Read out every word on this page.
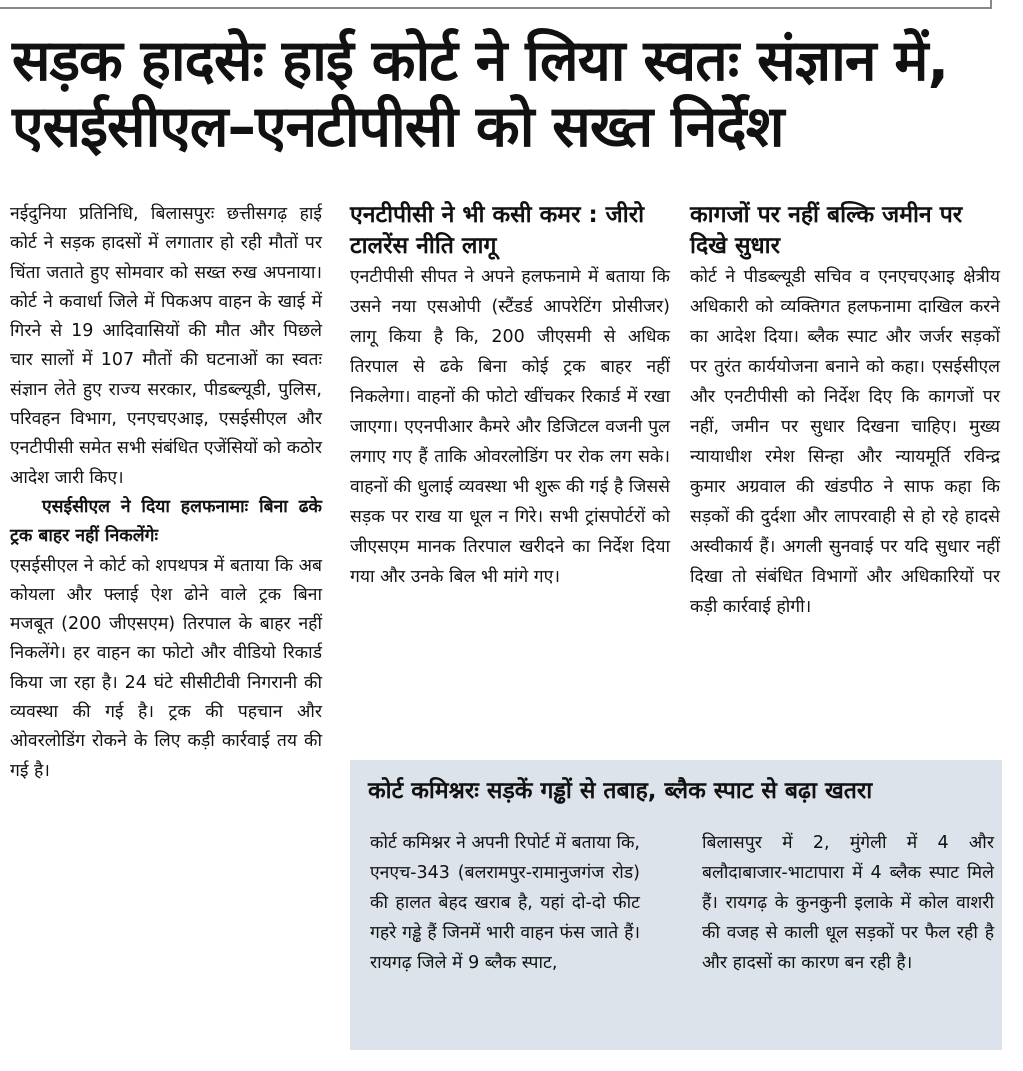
सड़क हादसेः हाई कोर्ट ने लिया स्वतः संज्ञान में, एसईसीएल–एनटीपीसी को सख्त निर्देश

नईदुनिया प्रतिनिधि, बिलासपुरः छत्तीसगढ़ हाई कोर्ट ने सड़क हादसों में लगातार हो रही मौतों पर चिंता जताते हुए सोमवार को सख्त रुख अपनाया। कोर्ट ने कवार्धा जिले में पिकअप वाहन के खाई में गिरने से 19 आदिवासियों की मौत और पिछले चार सालों में 107 मौतों की घटनाओं का स्वतः संज्ञान लेते हुए राज्य सरकार, पीडब्ल्यूडी, पुलिस, परिवहन विभाग, एनएचएआइ, एसईसीएल और एनटीपीसी समेत सभी संबंधित एजेंसियों को कठोर आदेश जारी किए।

एसईसीएल ने दिया हलफनामाः बिना ढके ट्रक बाहर नहीं निकलेंगेः

एसईसीएल ने कोर्ट को शपथपत्र में बताया कि अब कोयला और फ्लाई ऐश ढोने वाले ट्रक बिना मजबूत (200 जीएसएम) तिरपाल के बाहर नहीं निकलेंगे। हर वाहन का फोटो और वीडियो रिकार्ड किया जा रहा है। 24 घंटे सीसीटीवी निगरानी की व्यवस्था की गई है। ट्रक की पहचान और ओवरलोडिंग रोकने के लिए कड़ी कार्रवाई तय की गई है।

एनटीपीसी ने भी कसी कमर : जीरो टालरेंस नीति लागू

एनटीपीसी सीपत ने अपने हलफनामे में बताया कि उसने नया एसओपी (स्टैंडर्ड आपरेटिंग प्रोसीजर) लागू किया है कि, 200 जीएसमी से अधिक तिरपाल से ढके बिना कोई ट्रक बाहर नहीं निकलेगा। वाहनों की फोटो खींचकर रिकार्ड में रखा जाएगा। एएनपीआर कैमरे और डिजिटल वजनी पुल लगाए गए हैं ताकि ओवरलोडिंग पर रोक लग सके। वाहनों की धुलाई व्यवस्था भी शुरू की गई है जिससे सड़क पर राख या धूल न गिरे। सभी ट्रांसपोर्टरों को जीएसएम मानक तिरपाल खरीदने का निर्देश दिया गया और उनके बिल भी मांगे गए।

कागजों पर नहीं बल्कि जमीन पर दिखे सुधार

कोर्ट ने पीडब्ल्यूडी सचिव व एनएचएआइ क्षेत्रीय अधिकारी को व्यक्तिगत हलफनामा दाखिल करने का आदेश दिया। ब्लैक स्पाट और जर्जर सड़कों पर तुरंत कार्ययोजना बनाने को कहा। एसईसीएल और एनटीपीसी को निर्देश दिए कि कागजों पर नहीं, जमीन पर सुधार दिखना चाहिए। मुख्य न्यायाधीश रमेश सिन्हा और न्यायमूर्ति रविन्द्र कुमार अग्रवाल की खंडपीठ ने साफ कहा कि सड़कों की दुर्दशा और लापरवाही से हो रहे हादसे अस्वीकार्य हैं। अगली सुनवाई पर यदि सुधार नहीं दिखा तो संबंधित विभागों और अधिकारियों पर कड़ी कार्रवाई होगी।

कोर्ट कमिश्नरः सड़कें गड्ढों से तबाह, ब्लैक स्पाट से बढ़ा खतरा

कोर्ट कमिश्नर ने अपनी रिपोर्ट में बताया कि, एनएच-343 (बलरामपुर-रामानुजगंज रोड) की हालत बेहद खराब है, यहां दो-दो फीट गहरे गड्ढे हैं जिनमें भारी वाहन फंस जाते हैं। रायगढ़ जिले में 9 ब्लैक स्पाट,

बिलासपुर में 2, मुंगेली में 4 और बलौदाबाजार-भाटापारा में 4 ब्लैक स्पाट मिले हैं। रायगढ़ के कुनकुनी इलाके में कोल वाशरी की वजह से काली धूल सड़कों पर फैल रही है और हादसों का कारण बन रही है।
